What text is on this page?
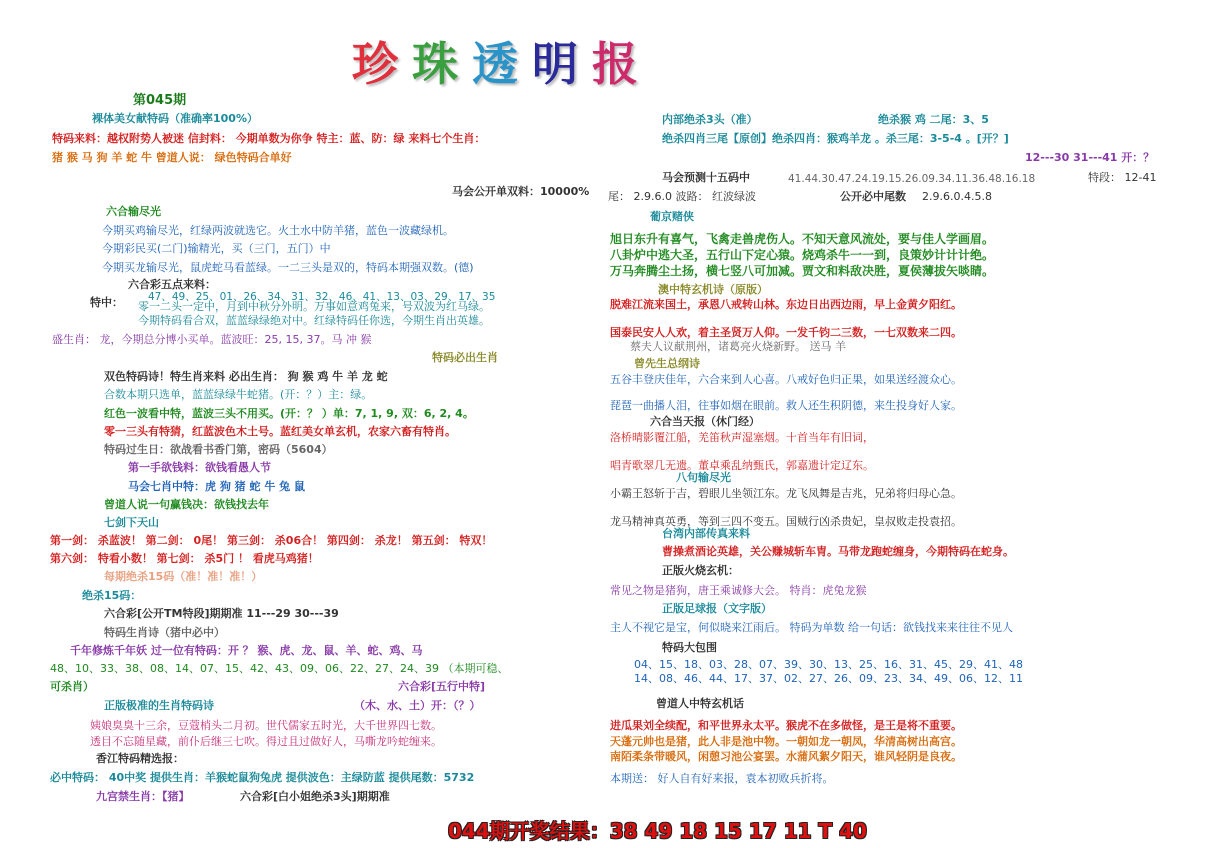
珍珠透明报
第045期
裸体美女献特码（准确率100%）
特码来料：越权附势人被迷 信封料： 今期单数为你争 特主：蓝、防：绿 来料七个生肖：
猪 猴 马 狗 羊 蛇 牛 曾道人说： 绿色特码合单好
马会公开单双料：10000%
六合输尽光
今期买鸡输尽光，红绿两波就选它。火土水中防羊猪，蓝色一波藏绿机。
今期彩民买(二门)输精光，买（三门，五门）中
今期买龙输尽光，鼠虎蛇马看蓝绿。一二三头是双的，特码本期强双数。(德)
六合彩五点来料：
47、49、25、01、26、34、31、32、46、41、13、03、29、17、35
特中： 零一二头一定中，月到中秋分外明。万事如意鸡兔来，号双波为红马绿。
今期特码看合双，蓝蓝绿绿绝对中。红绿特码任你选，今期生肖出英雄。
盛生肖： 龙，今期总分博小买单。蓝波旺：25, 15, 37。马 冲 猴
特码必出生肖
双色特码诗！特生肖来料 必出生肖： 狗 猴 鸡 牛 羊 龙 蛇
合数本期只选单，蓝蓝绿绿牛蛇猪。(开：？）主：绿。
红色一波看中特，蓝波三头不用买。(开：？ ）单：7, 1, 9, 双：6, 2, 4。
零一三头有特猜，红蓝波色木土号。蓝红美女单玄机，农家六畜有特肖。
特码过生日：欲战看书香门第，密码（5604）
第一手欲钱料：欲钱看愚人节
马会七肖中特：虎 狗 猪 蛇 牛 兔 鼠
曾道人说一句赢钱决：欲钱找去年
七剑下天山
第一剑： 杀蓝波！ 第二剑： 0尾！ 第三剑： 杀06合！ 第四剑： 杀龙！ 第五剑： 特双！
第六剑： 特看小数！ 第七剑： 杀5门 ！ 看虎马鸡猪！
每期绝杀15码（准！准！准！）
绝杀15码：
六合彩[公开TM特段]期期准 11---29 30---39
特码生肖诗（猪中必中）
千年修炼千年妖 过一位有特码：开 ？ 猴、虎、龙、鼠、羊、蛇、鸡、马
48、10、33、38、08、14、07、15、42、43、09、06、22、27、24、39 （本期可稳、
可杀肖）	六合彩[五行中特]
正版极准的生肖特码诗	（木、水、土）开：（？）
姨娘臭臭十三余，豆蔻梢头二月初。世代儒家五时光，大千世界四七数。
透目不忘随星藏，前仆后继三七吹。得过且过做好人，马嘶龙吟蛇缠来。
香江特码精选报：
必中特码： 40中奖 提供生肖：羊猴蛇鼠狗兔虎 提供波色：主绿防蓝 提供尾数：5732
九宫禁生肖：【猪】	六合彩[白小姐绝杀3头]期期准
内部绝杀3头（准）	绝杀猴 鸡 二尾：3、5
绝杀四肖三尾【原创】绝杀四肖：猴鸡羊龙 。杀三尾：3-5-4 。[开？]
12---30 31---41 开：？
马会预测十五码中	41.44.30.47.24.19.15.26.09.34.11.36.48.16.18	特段： 12-41
尾： 2.9.6.0 波路： 红波绿波	公开必中尾数 2.9.6.0.4.5.8
葡京赌侠
旭日东升有喜气，飞禽走兽虎伤人。不知天意风流处，要与佳人学画眉。
八卦炉中逃大圣，五行山下定心猿。烧鸡杀牛一一到，良策妙计计计绝。
万马奔腾尘土扬，横七竖八可加减。贾文和料敌决胜，夏侯薄拔矢啖睛。
澳中特玄机诗（原版）
脱难江流来国土，承恩八戒转山林。东边日出西边雨，早上金黄夕阳红。
国泰民安人人欢，着主圣贤万人仰。一发千钧二三数，一七双数来二四。
蔡夫人议献荆州，诸葛亮火烧新野。 送马 羊
曾先生总纲诗
五谷丰登庆佳年，六合来到人心喜。八戒好色归正果，如果送经渡众心。
琵琶一曲播人泪，往事如烟在眼前。救人还生积阴德，来生投身好人家。
六合当天报（休门经）
洛桥晴影覆江船，羌笛秋声湿塞烟。十首当年有旧词，
唱青歌翠几无遗。董卓乘乱纳甄氏，郭嘉遗计定辽东。
八句输尽光
小霸王怒斩于吉，碧眼儿坐领江东。龙飞凤舞是吉兆，兄弟将归母心急。
龙马精神真英勇，等到三四不变五。国贼行凶杀贵妃，皇叔败走投袁招。
台湾内部传真来料
曹操煮酒论英雄，关公赚城斩车胄。马带龙跑蛇缠身，今期特码在蛇身。
正版火烧玄机：
常见之物是猪狗，唐王乘诚修大会。 特肖：虎兔龙猴
正版足球报（文字版）
主人不视它是宝，何似晓来江雨后。 特码为单数 给一句话：欲钱找来来往往不见人
特码大包围
04、15、18、03、28、07、39、30、13、25、16、31、45、29、41、48
14、08、46、44、17、37、02、27、26、09、23、34、49、06、12、11
曾道人中特玄机话
进瓜果刘全续配，和平世界永太平。猴虎不在多做怪，是王是将不重要。
天蓬元帅也是猪，此人非是池中物。一朝如龙一朝凤，华清高树出高宫。
南陌柔条带暖风，闲憩习池公宴罢。水蒲风絮夕阳天，谁风轻阴是良夜。
本期送： 好人自有好来报，袁本初败兵折将。
044期开奖结果：38 49 18 15 17 11 T 40
